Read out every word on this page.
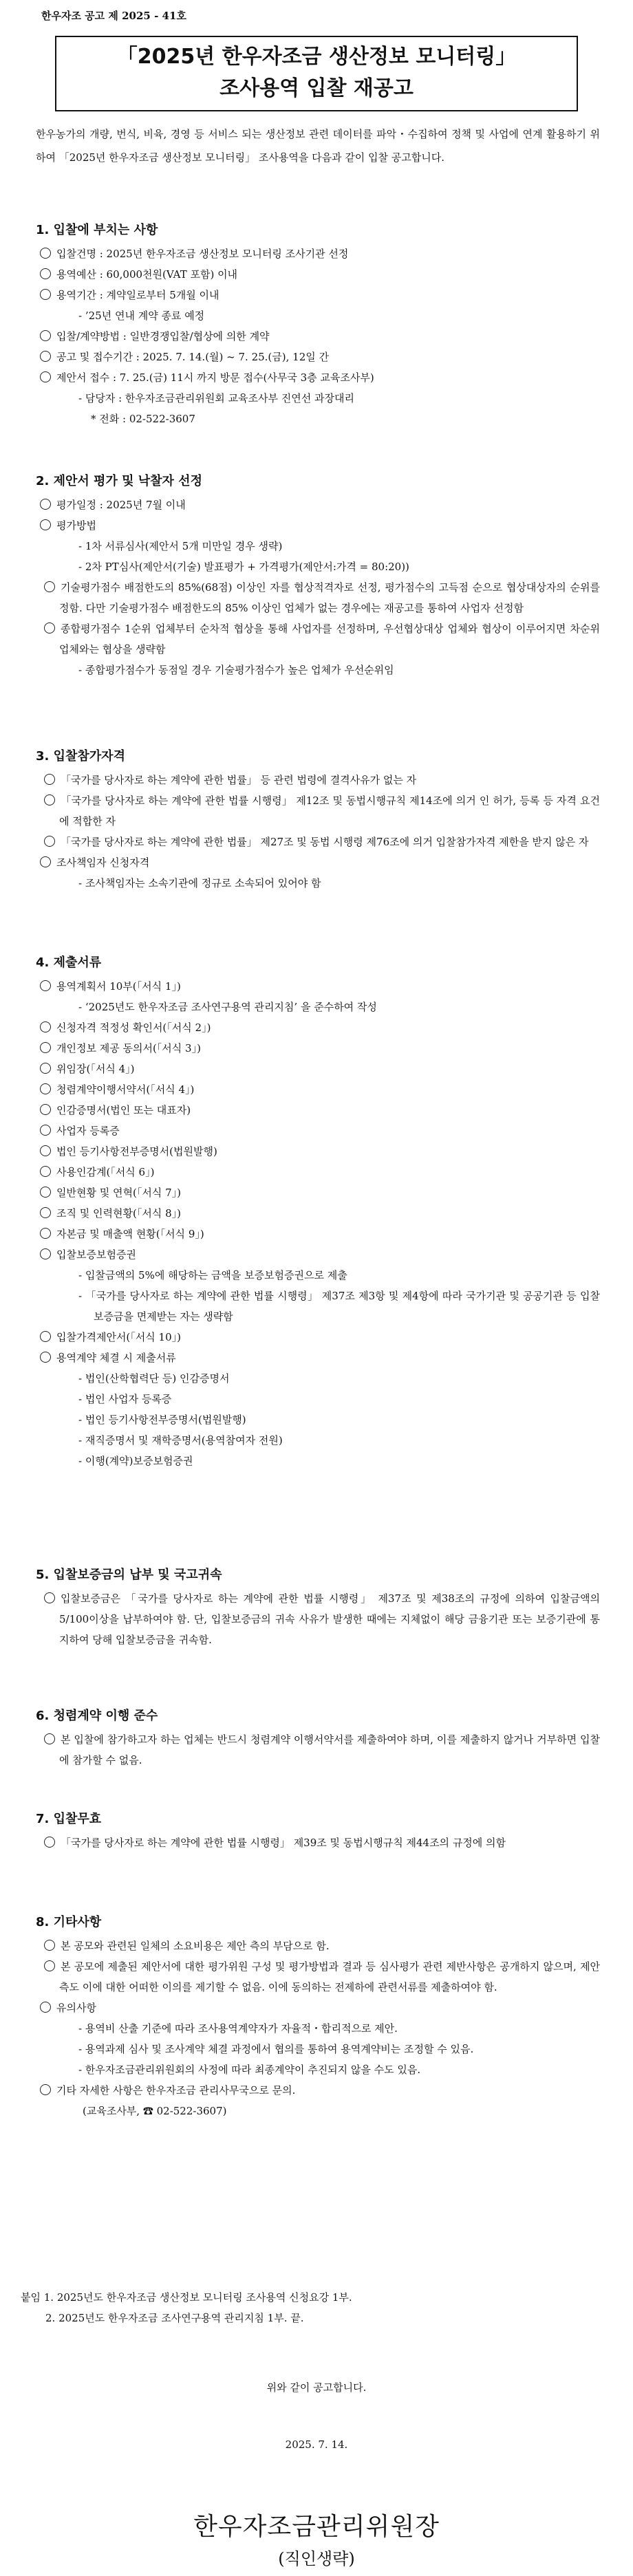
한우자조 공고 제 2025 - 41호
「2025년 한우자조금 생산정보 모니터링」
조사용역 입찰 재공고
한우농가의 개량, 번식, 비육, 경영 등 서비스 되는 생산정보 관련 데이터를 파악・수집하여 정책 및 사업에 연계 활용하기 위하여 「2025년 한우자조금 생산정보 모니터링」 조사용역을 다음과 같이 입찰 공고합니다.
1. 입찰에 부치는 사항
입찰건명 : 2025년 한우자조금 생산정보 모니터링 조사기관 선정
용역예산 : 60,000천원(VAT 포함) 이내
용역기간 : 계약일로부터 5개월 이내
- ’25년 연내 계약 종료 예정
입찰/계약방법 : 일반경쟁입찰/협상에 의한 계약
공고 및 접수기간 : 2025. 7. 14.(월) ~ 7. 25.(금), 12일 간
제안서 접수 : 7. 25.(금) 11시 까지 방문 접수(사무국 3층 교육조사부)
- 담당자 : 한우자조금관리위원회 교육조사부 진연선 과장대리
* 전화 : 02-522-3607
2. 제안서 평가 및 낙찰자 선정
평가일정 : 2025년 7월 이내
평가방법
- 1차 서류심사(제안서 5개 미만일 경우 생략)
- 2차 PT심사(제안서(기술) 발표평가 + 가격평가(제안서:가격 = 80:20))
기술평가점수 배점한도의 85%(68점) 이상인 자를 협상적격자로 선정, 평가점수의 고득점 순으로 협상대상자의 순위를 정함. 다만 기술평가점수 배점한도의 85% 이상인 업체가 없는 경우에는 재공고를 통하여 사업자 선정함
종합평가점수 1순위 업체부터 순차적 협상을 통해 사업자를 선정하며, 우선협상대상 업체와 협상이 이루어지면 차순위 업체와는 협상을 생략함
- 종합평가점수가 동점일 경우 기술평가점수가 높은 업체가 우선순위임
3. 입찰참가자격
「국가를 당사자로 하는 계약에 관한 법률」 등 관련 법령에 결격사유가 없는 자
「국가를 당사자로 하는 계약에 관한 법률 시행령」 제12조 및 동법시행규칙 제14조에 의거 인 허가, 등록 등 자격 요건에 적합한 자
「국가를 당사자로 하는 계약에 관한 법률」 제27조 및 동법 시행령 제76조에 의거 입찰참가자격 제한을 받지 않은 자
조사책임자 신청자격
- 조사책임자는 소속기관에 정규로 소속되어 있어야 함
4. 제출서류
용역계획서 10부(「서식 1」)
- ‘2025년도 한우자조금 조사연구용역 관리지침’ 을 준수하여 작성
신청자격 적정성 확인서(「서식 2」)
개인정보 제공 동의서(「서식 3」)
위임장(「서식 4」)
청렴계약이행서약서(「서식 4」)
인감증명서(법인 또는 대표자)
사업자 등록증
법인 등기사항전부증명서(법원발행)
사용인감계(「서식 6」)
일반현황 및 연혁(「서식 7」)
조직 및 인력현황(「서식 8」)
자본금 및 매출액 현황(「서식 9」)
입찰보증보험증권
- 입찰금액의 5%에 해당하는 금액을 보증보험증권으로 제출
- 「국가를 당사자로 하는 계약에 관한 법률 시행령」 제37조 제3항 및 제4항에 따라 국가기관 및 공공기관 등 입찰보증금을 면제받는 자는 생략함
입찰가격제안서(「서식 10」)
용역계약 체결 시 제출서류
- 법인(산학협력단 등) 인감증명서
- 법인 사업자 등록증
- 법인 등기사항전부증명서(법원발행)
- 재직증명서 및 재학증명서(용역참여자 전원)
- 이행(계약)보증보험증권
5. 입찰보증금의 납부 및 국고귀속
입찰보증금은 「국가를 당사자로 하는 계약에 관한 법률 시행령」 제37조 및 제38조의 규정에 의하여 입찰금액의 5/100이상을 납부하여야 함. 단, 입찰보증금의 귀속 사유가 발생한 때에는 지체없이 해당 금융기관 또는 보증기관에 통지하여 당해 입찰보증금을 귀속함.
6. 청렴계약 이행 준수
본 입찰에 참가하고자 하는 업체는 반드시 청렴계약 이행서약서를 제출하여야 하며, 이를 제출하지 않거나 거부하면 입찰에 참가할 수 없음.
7. 입찰무효
「국가를 당사자로 하는 계약에 관한 법률 시행령」 제39조 및 동법시행규칙 제44조의 규정에 의함
8. 기타사항
본 공모와 관련된 일체의 소요비용은 제안 측의 부담으로 함.
본 공모에 제출된 제안서에 대한 평가위원 구성 및 평가방법과 결과 등 심사평가 관련 제반사항은 공개하지 않으며, 제안측도 이에 대한 어떠한 이의를 제기할 수 없음. 이에 동의하는 전제하에 관련서류를 제출하여야 함.
유의사항
- 용역비 산출 기준에 따라 조사용역계약자가 자율적・합리적으로 제안.
- 용역과제 심사 및 조사계약 체결 과정에서 협의를 통하여 용역계약비는 조정할 수 있음.
- 한우자조금관리위원회의 사정에 따라 최종계약이 추진되지 않을 수도 있음.
기타 자세한 사항은 한우자조금 관리사무국으로 문의.
(교육조사부, ☎ 02-522-3607)
붙임 1. 2025년도 한우자조금 생산정보 모니터링 조사용역 신청요강 1부.
2. 2025년도 한우자조금 조사연구용역 관리지침 1부. 끝.
위와 같이 공고합니다.
2025. 7. 14.
한우자조금관리위원장
(직인생략)
